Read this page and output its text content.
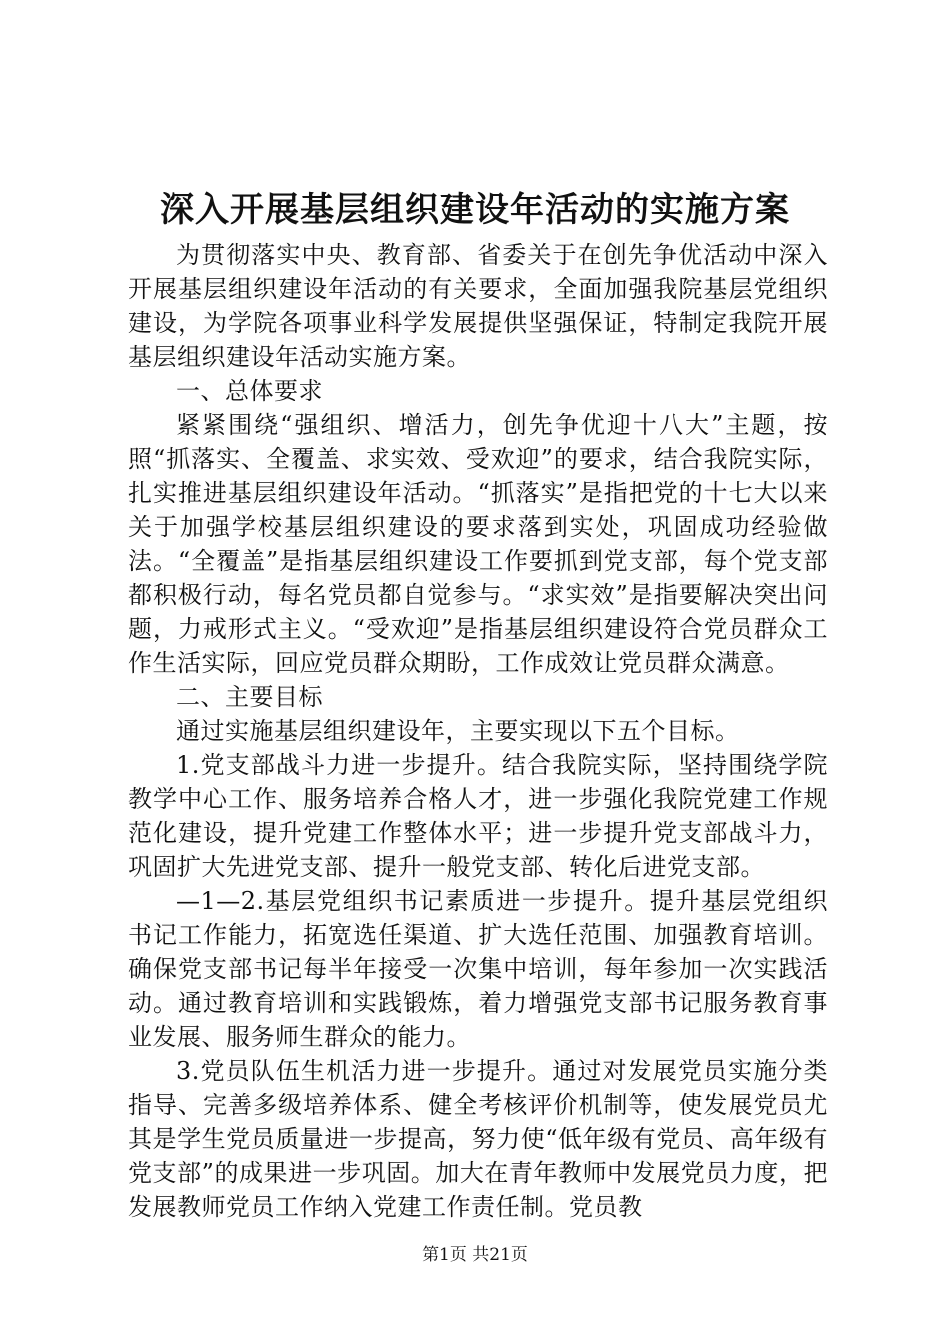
深入开展基层组织建设年活动的实施方案

为贯彻落实中央、教育部、省委关于在创先争优活动中深入开展基层组织建设年活动的有关要求，全面加强我院基层党组织建设，为学院各项事业科学发展提供坚强保证，特制定我院开展基层组织建设年活动实施方案。

一、总体要求

紧紧围绕“强组织、增活力，创先争优迎十八大”主题，按照“抓落实、全覆盖、求实效、受欢迎”的要求，结合我院实际，扎实推进基层组织建设年活动。“抓落实”是指把党的十七大以来关于加强学校基层组织建设的要求落到实处，巩固成功经验做法。“全覆盖”是指基层组织建设工作要抓到党支部，每个党支部都积极行动，每名党员都自觉参与。“求实效”是指要解决突出问题，力戒形式主义。“受欢迎”是指基层组织建设符合党员群众工作生活实际，回应党员群众期盼，工作成效让党员群众满意。

二、主要目标

通过实施基层组织建设年，主要实现以下五个目标。

1.党支部战斗力进一步提升。结合我院实际，坚持围绕学院教学中心工作、服务培养合格人才，进一步强化我院党建工作规范化建设，提升党建工作整体水平；进一步提升党支部战斗力，巩固扩大先进党支部、提升一般党支部、转化后进党支部。

—1—2.基层党组织书记素质进一步提升。提升基层党组织书记工作能力，拓宽选任渠道、扩大选任范围、加强教育培训。确保党支部书记每半年接受一次集中培训，每年参加一次实践活动。通过教育培训和实践锻炼，着力增强党支部书记服务教育事业发展、服务师生群众的能力。

3.党员队伍生机活力进一步提升。通过对发展党员实施分类指导、完善多级培养体系、健全考核评价机制等，使发展党员尤其是学生党员质量进一步提高，努力使“低年级有党员、高年级有党支部”的成果进一步巩固。加大在青年教师中发展党员力度，把发展教师党员工作纳入党建工作责任制。党员教

第1页 共21页
